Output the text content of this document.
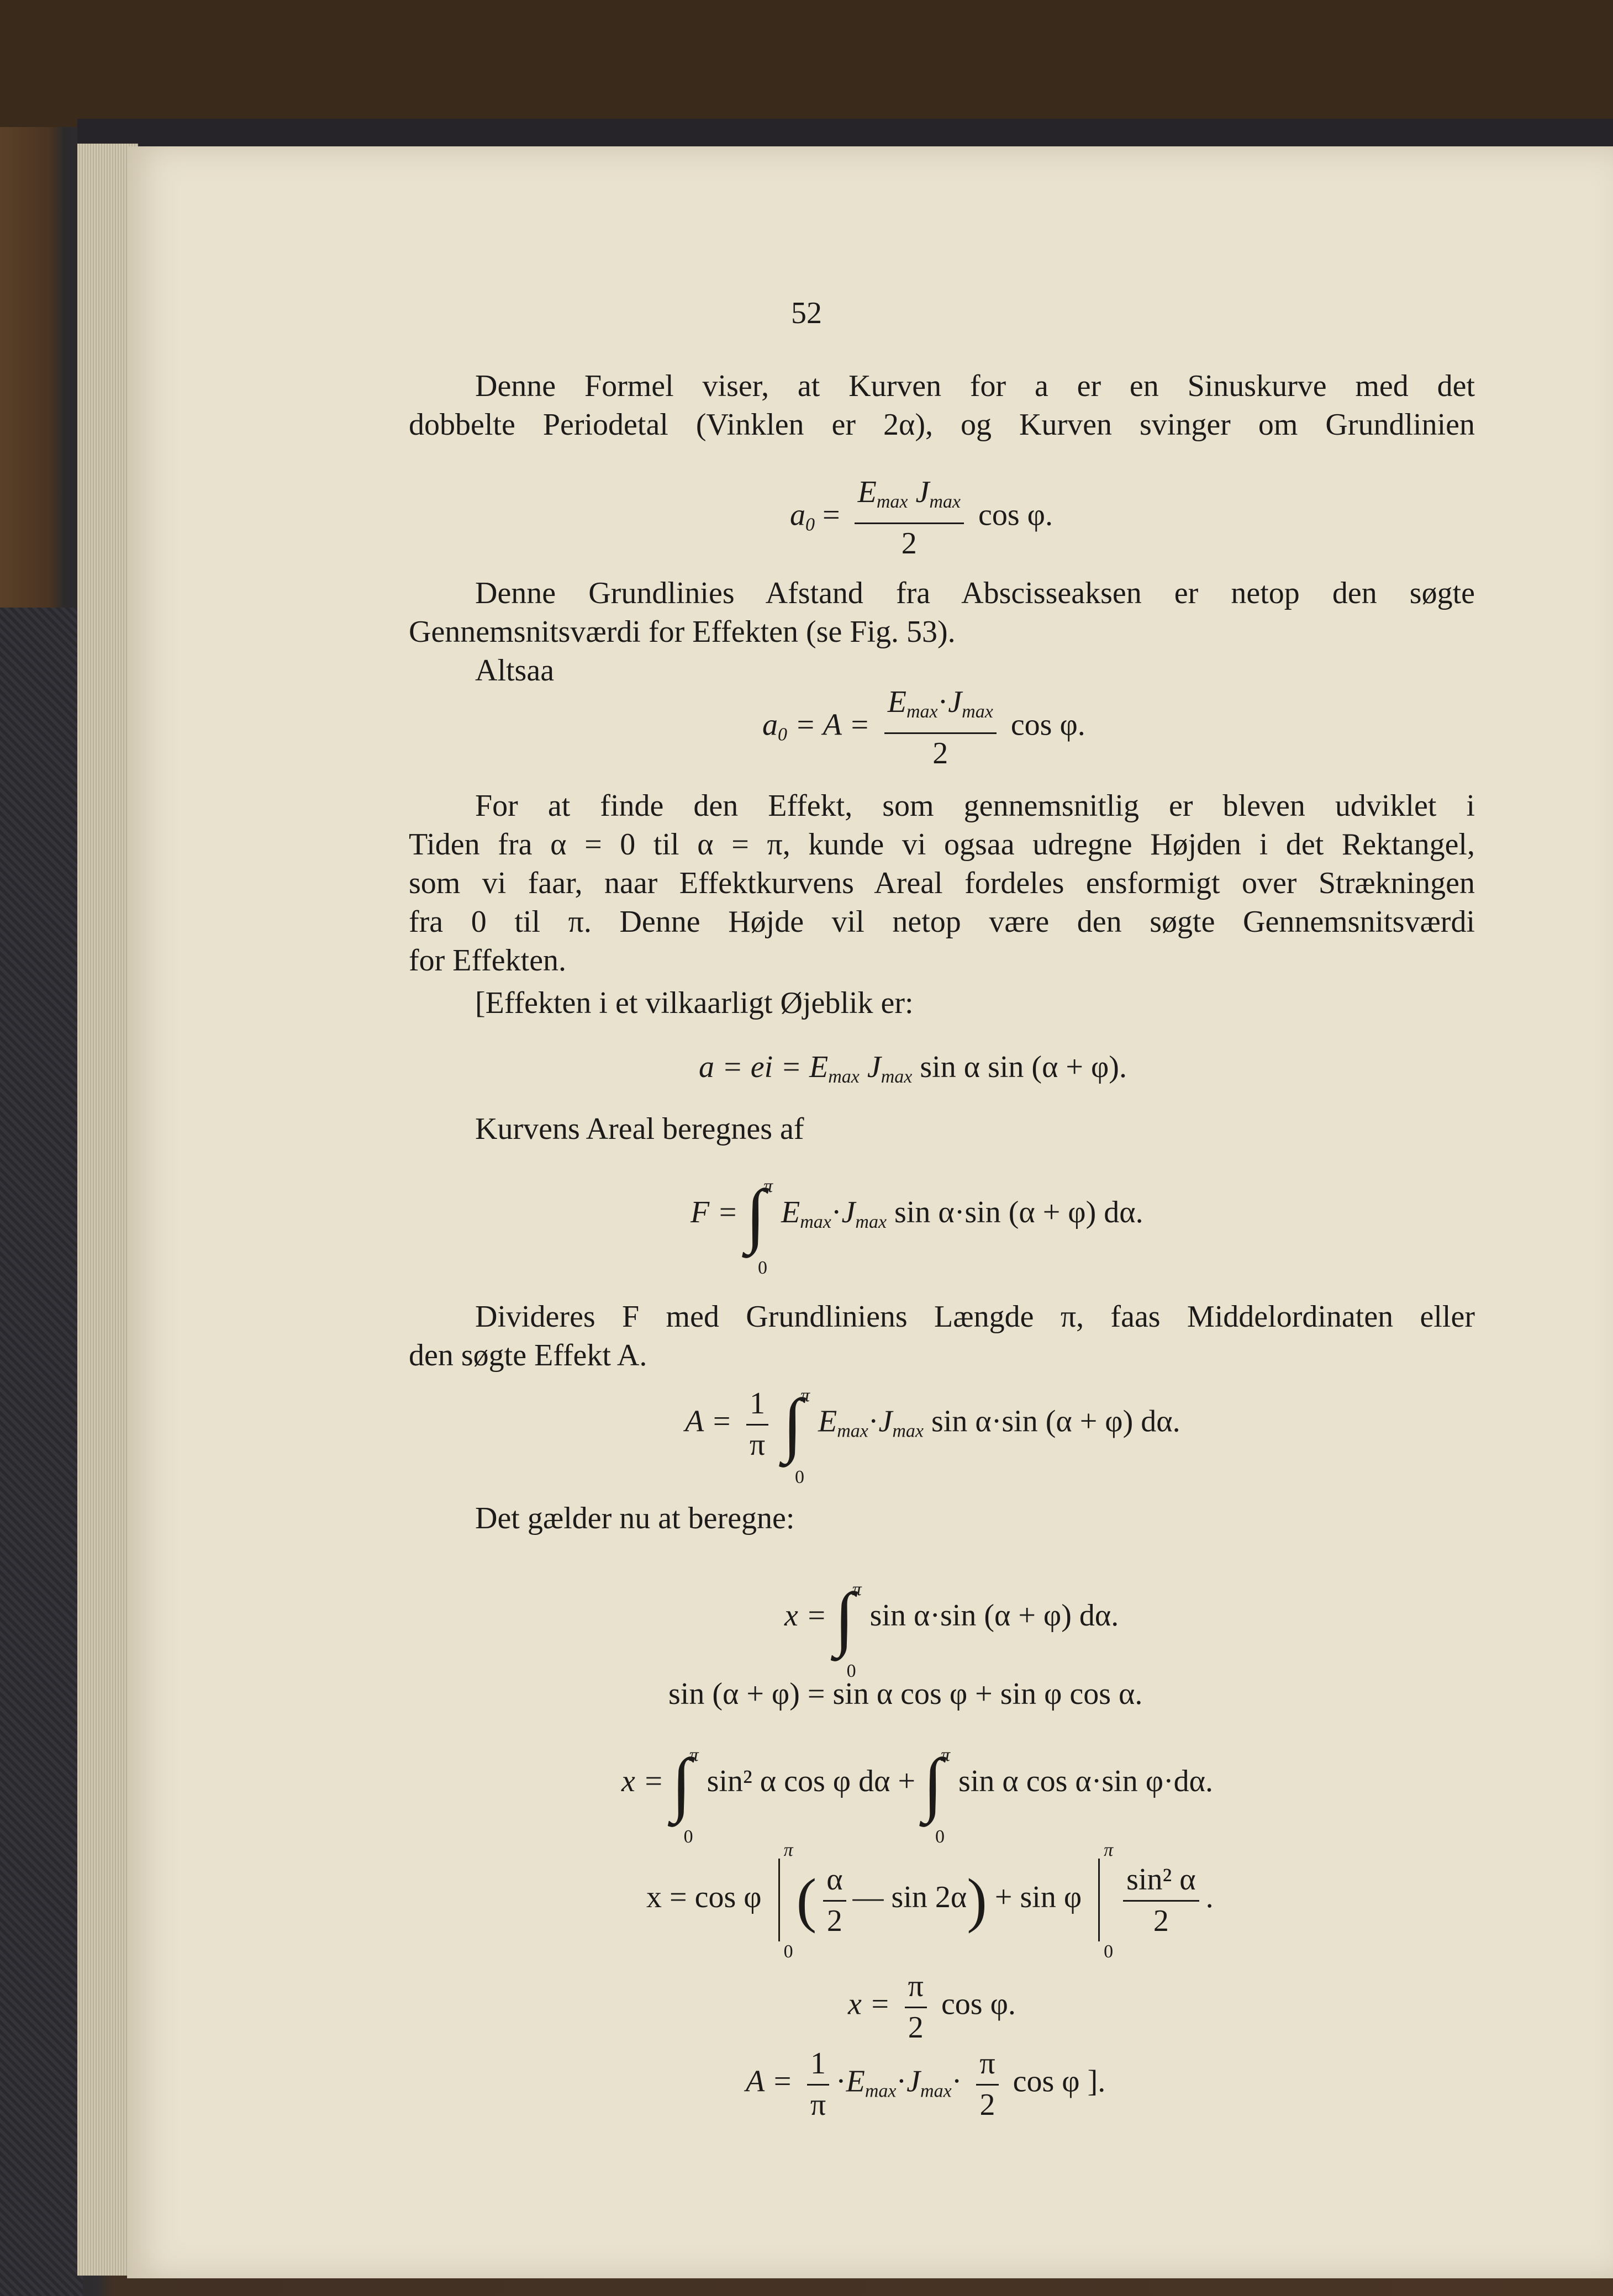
52
Denne Formel viser, at Kurven for a er en Sinuskurve med det
dobbelte Periodetal (Vinklen er 2α), og Kurven svinger om Grundlinien
$a_0 = \frac{E_{max} J_{max}}{2}$ cos φ.
Denne Grundlinies Afstand fra Abscisseaksen er netop den søgte
Gennemsnitsværdi for Effekten (se Fig. 53).
Altsaa
$a_0 = A = \frac{E_{max}\cdot J_{max}}{2}$ cos φ.
For at finde den Effekt, som gennemsnitlig er bleven udviklet i
Tiden fra α = 0 til α = π, kunde vi ogsaa udregne Højden i det Rektangel,
som vi faar, naar Effektkurvens Areal fordeles ensformigt over Strækningen
fra 0 til π. Denne Højde vil netop være den søgte Gennemsnitsværdi
for Effekten.
[Effekten i et vilkaarligt Øjeblik er:
a = ei = $E_{max}$ $J_{max}$ sin α sin (α + φ).
Kurvens Areal beregnes af
F = ∫
π
0
$E_{max}\cdot J_{max}$ sin α·sin (α + φ) dα.
Divideres F med Grundliniens Længde π, faas Middelordinaten eller
den søgte Effekt A.
$A = \frac{1}{\pi}$ ∫
π
0
$E_{max}\cdot J_{max}$ sin α·sin (α + φ) dα.
Det gælder nu at beregne:
x = ∫
π
0
sin α·sin (α + φ) dα.
sin (α + φ) = sin α cos φ + sin φ cos α.
x = ∫
π
0
sin² α cos φ dα + ∫
π
0
sin α cos α·sin φ·dα.
x = cos φ
π
0
( $\frac{\alpha}{2}$ — sin 2α) + sin φ
π
0

$\frac{\text{sin² α}}{2}$ .
$x = \frac{\pi}{2}$ cos φ.
$A = \frac{1}{\pi} \cdot E_{max}\cdot J_{max}\cdot \frac{\pi}{2}$ cos φ ].
